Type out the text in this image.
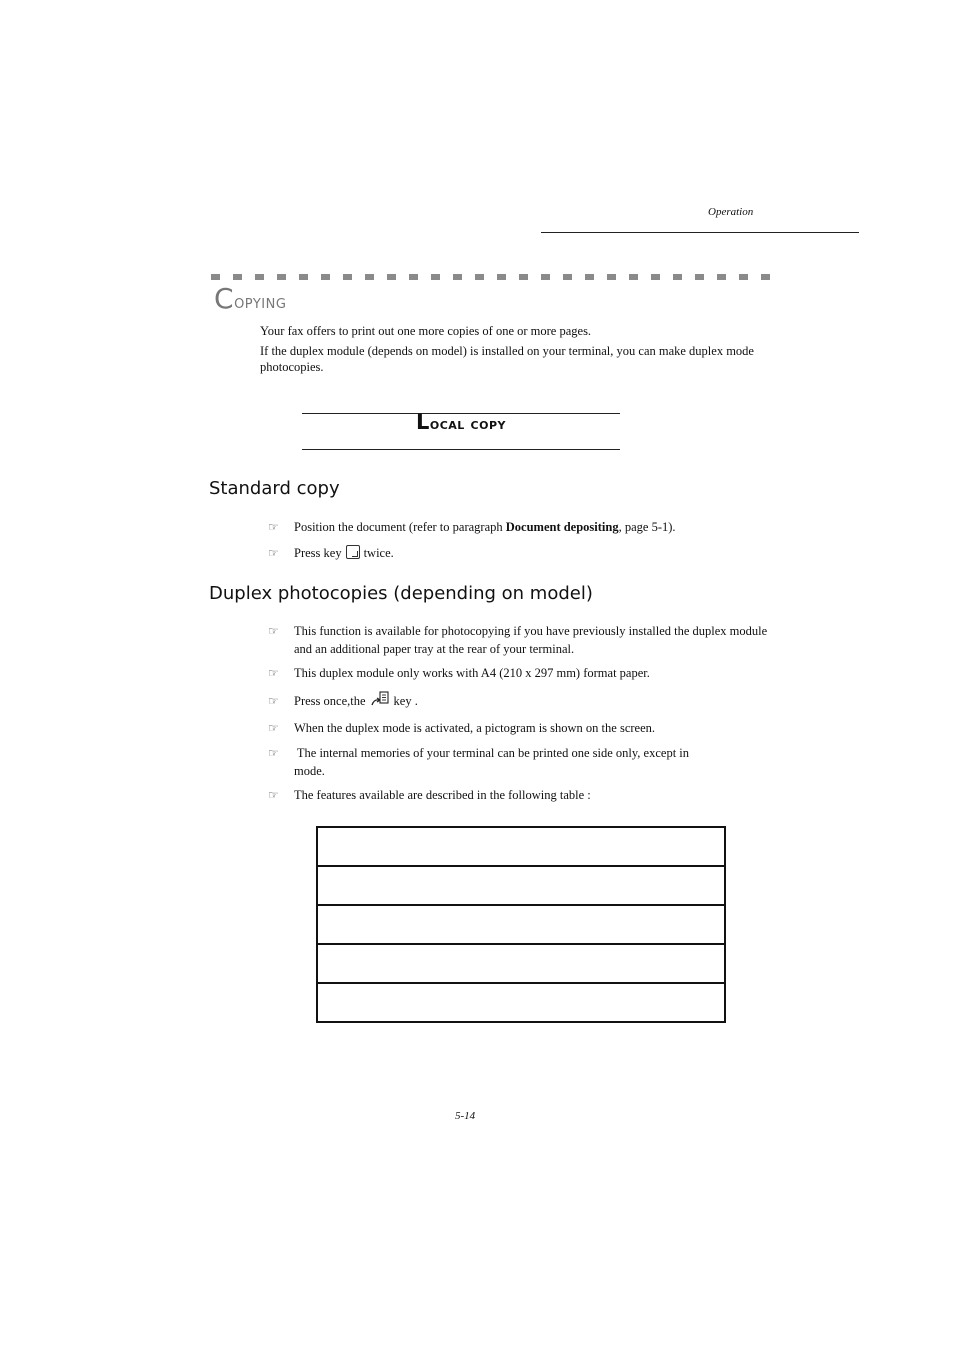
Operation
Copying
Your fax offers to print out one more copies of one or more pages.
If the duplex module (depends on model) is installed on your terminal, you can make duplex mode photocopies.
Local copy
Standard copy
☞ Position the document (refer to paragraph Document depositing, page 5-1).
☞ Press key twice.
Duplex photocopies (depending on model)
☞ This function is available for photocopying if you have previously installed the duplex module
and an additional paper tray at the rear of your terminal.
☞ This duplex module only works with A4 (210 x 297 mm) format paper.
☞ Press once,the key .
☞ When the duplex mode is activated, a pictogram is shown on the screen.
☞ The internal memories of your terminal can be printed one side only, except in
mode.
☞ The features available are described in the following table :

5-14
